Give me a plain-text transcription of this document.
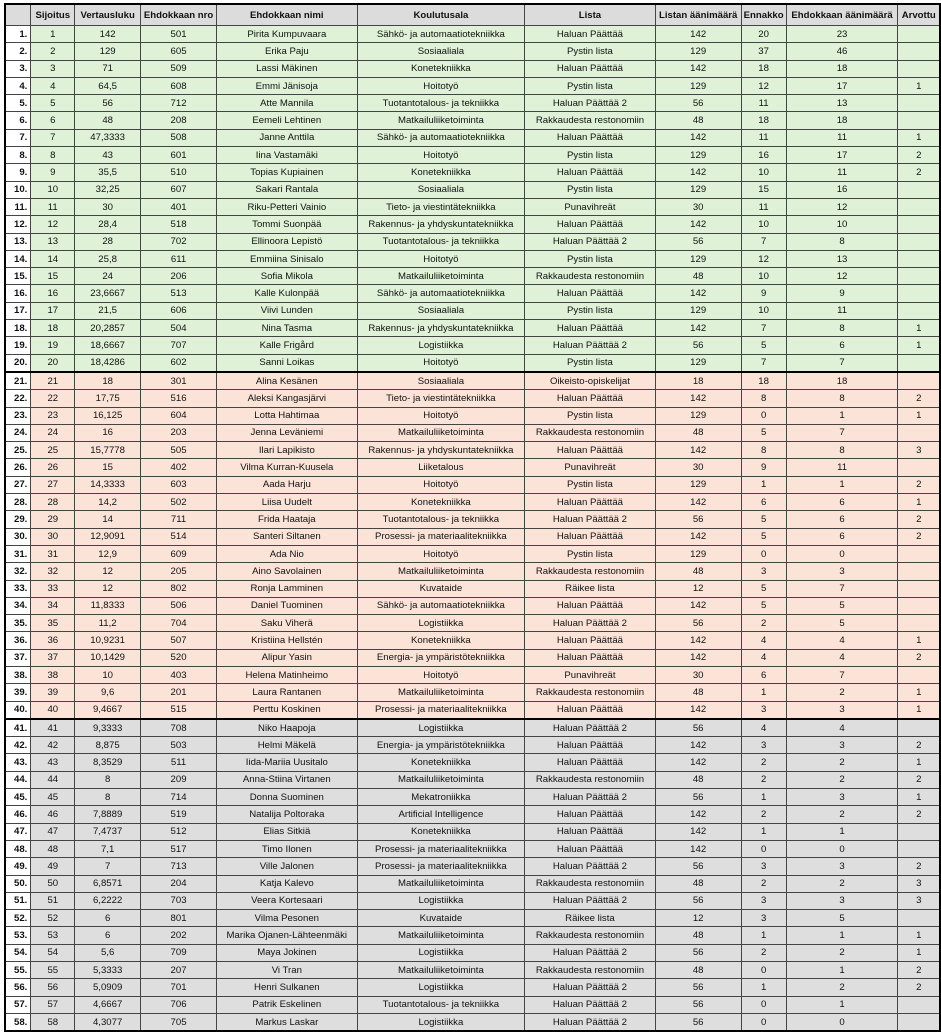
	Sijoitus	Vertausluku	Ehdokkaan nro	Ehdokkaan nimi	Koulutusala	Lista	Listan äänimäärä	Ennakko	Ehdokkaan äänimäärä	Arvottu
1.	1	142	501	Pirita Kumpuvaara	Sähkö- ja automaatiotekniikka	Haluan Päättää	142	20	23	
2.	2	129	605	Erika Paju	Sosiaaliala	Pystin lista	129	37	46	
3.	3	71	509	Lassi Mäkinen	Konetekniikka	Haluan Päättää	142	18	18	
4.	4	64,5	608	Emmi Jänisoja	Hoitotyö	Pystin lista	129	12	17	1
5.	5	56	712	Atte Mannila	Tuotantotalous- ja tekniikka	Haluan Päättää 2	56	11	13	
6.	6	48	208	Eemeli Lehtinen	Matkailuliiketoiminta	Rakkaudesta restonomiin	48	18	18	
7.	7	47,3333	508	Janne Anttila	Sähkö- ja automaatiotekniikka	Haluan Päättää	142	11	11	1
8.	8	43	601	Iina Vastamäki	Hoitotyö	Pystin lista	129	16	17	2
9.	9	35,5	510	Topias Kupiainen	Konetekniikka	Haluan Päättää	142	10	11	2
10.	10	32,25	607	Sakari Rantala	Sosiaaliala	Pystin lista	129	15	16	
11.	11	30	401	Riku-Petteri Vainio	Tieto- ja viestintätekniikka	Punavihreät	30	11	12	
12.	12	28,4	518	Tommi Suonpää	Rakennus- ja yhdyskuntatekniikka	Haluan Päättää	142	10	10	
13.	13	28	702	Ellinoora Lepistö	Tuotantotalous- ja tekniikka	Haluan Päättää 2	56	7	8	
14.	14	25,8	611	Emmiina Sinisalo	Hoitotyö	Pystin lista	129	12	13	
15.	15	24	206	Sofia Mikola	Matkailuliiketoiminta	Rakkaudesta restonomiin	48	10	12	
16.	16	23,6667	513	Kalle Kulonpää	Sähkö- ja automaatiotekniikka	Haluan Päättää	142	9	9	
17.	17	21,5	606	Viivi Lunden	Sosiaaliala	Pystin lista	129	10	11	
18.	18	20,2857	504	Nina Tasma	Rakennus- ja yhdyskuntatekniikka	Haluan Päättää	142	7	8	1
19.	19	18,6667	707	Kalle Frigård	Logistiikka	Haluan Päättää 2	56	5	6	1
20.	20	18,4286	602	Sanni Loikas	Hoitotyö	Pystin lista	129	7	7	
21.	21	18	301	Alina Kesänen	Sosiaaliala	Oikeisto-opiskelijat	18	18	18	
22.	22	17,75	516	Aleksi Kangasjärvi	Tieto- ja viestintätekniikka	Haluan Päättää	142	8	8	2
23.	23	16,125	604	Lotta Hahtimaa	Hoitotyö	Pystin lista	129	0	1	1
24.	24	16	203	Jenna Leväniemi	Matkailuliiketoiminta	Rakkaudesta restonomiin	48	5	7	
25.	25	15,7778	505	Ilari Lapikisto	Rakennus- ja yhdyskuntatekniikka	Haluan Päättää	142	8	8	3
26.	26	15	402	Vilma Kurran-Kuusela	Liiketalous	Punavihreät	30	9	11	
27.	27	14,3333	603	Aada Harju	Hoitotyö	Pystin lista	129	1	1	2
28.	28	14,2	502	Liisa Uudelt	Konetekniikka	Haluan Päättää	142	6	6	1
29.	29	14	711	Frida Haataja	Tuotantotalous- ja tekniikka	Haluan Päättää 2	56	5	6	2
30.	30	12,9091	514	Santeri Siltanen	Prosessi- ja materiaalitekniikka	Haluan Päättää	142	5	6	2
31.	31	12,9	609	Ada Nio	Hoitotyö	Pystin lista	129	0	0	
32.	32	12	205	Aino Savolainen	Matkailuliiketoiminta	Rakkaudesta restonomiin	48	3	3	
33.	33	12	802	Ronja Lamminen	Kuvataide	Räikee lista	12	5	7	
34.	34	11,8333	506	Daniel Tuominen	Sähkö- ja automaatiotekniikka	Haluan Päättää	142	5	5	
35.	35	11,2	704	Saku Viherä	Logistiikka	Haluan Päättää 2	56	2	5	
36.	36	10,9231	507	Kristiina Hellstén	Konetekniikka	Haluan Päättää	142	4	4	1
37.	37	10,1429	520	Alipur Yasin	Energia- ja ympäristötekniikka	Haluan Päättää	142	4	4	2
38.	38	10	403	Helena Matinheimo	Hoitotyö	Punavihreät	30	6	7	
39.	39	9,6	201	Laura Rantanen	Matkailuliiketoiminta	Rakkaudesta restonomiin	48	1	2	1
40.	40	9,4667	515	Perttu Koskinen	Prosessi- ja materiaalitekniikka	Haluan Päättää	142	3	3	1
41.	41	9,3333	708	Niko Haapoja	Logistiikka	Haluan Päättää 2	56	4	4	
42.	42	8,875	503	Helmi Mäkelä	Energia- ja ympäristötekniikka	Haluan Päättää	142	3	3	2
43.	43	8,3529	511	Iida-Mariia Uusitalo	Konetekniikka	Haluan Päättää	142	2	2	1
44.	44	8	209	Anna-Stiina Virtanen	Matkailuliiketoiminta	Rakkaudesta restonomiin	48	2	2	2
45.	45	8	714	Donna Suominen	Mekatroniikka	Haluan Päättää 2	56	1	3	1
46.	46	7,8889	519	Natalija Poltoraka	Artificial Intelligence	Haluan Päättää	142	2	2	2
47.	47	7,4737	512	Elias Sitkiä	Konetekniikka	Haluan Päättää	142	1	1	
48.	48	7,1	517	Timo Ilonen	Prosessi- ja materiaalitekniikka	Haluan Päättää	142	0	0	
49.	49	7	713	Ville Jalonen	Prosessi- ja materiaalitekniikka	Haluan Päättää 2	56	3	3	2
50.	50	6,8571	204	Katja Kalevo	Matkailuliiketoiminta	Rakkaudesta restonomiin	48	2	2	3
51.	51	6,2222	703	Veera Kortesaari	Logistiikka	Haluan Päättää 2	56	3	3	3
52.	52	6	801	Vilma Pesonen	Kuvataide	Räikee lista	12	3	5	
53.	53	6	202	Marika Ojanen-Lähteenmäki	Matkailuliiketoiminta	Rakkaudesta restonomiin	48	1	1	1
54.	54	5,6	709	Maya Jokinen	Logistiikka	Haluan Päättää 2	56	2	2	1
55.	55	5,3333	207	Vi Tran	Matkailuliiketoiminta	Rakkaudesta restonomiin	48	0	1	2
56.	56	5,0909	701	Henri Sulkanen	Logistiikka	Haluan Päättää 2	56	1	2	2
57.	57	4,6667	706	Patrik Eskelinen	Tuotantotalous- ja tekniikka	Haluan Päättää 2	56	0	1	
58.	58	4,3077	705	Markus Laskar	Logistiikka	Haluan Päättää 2	56	0	0	
